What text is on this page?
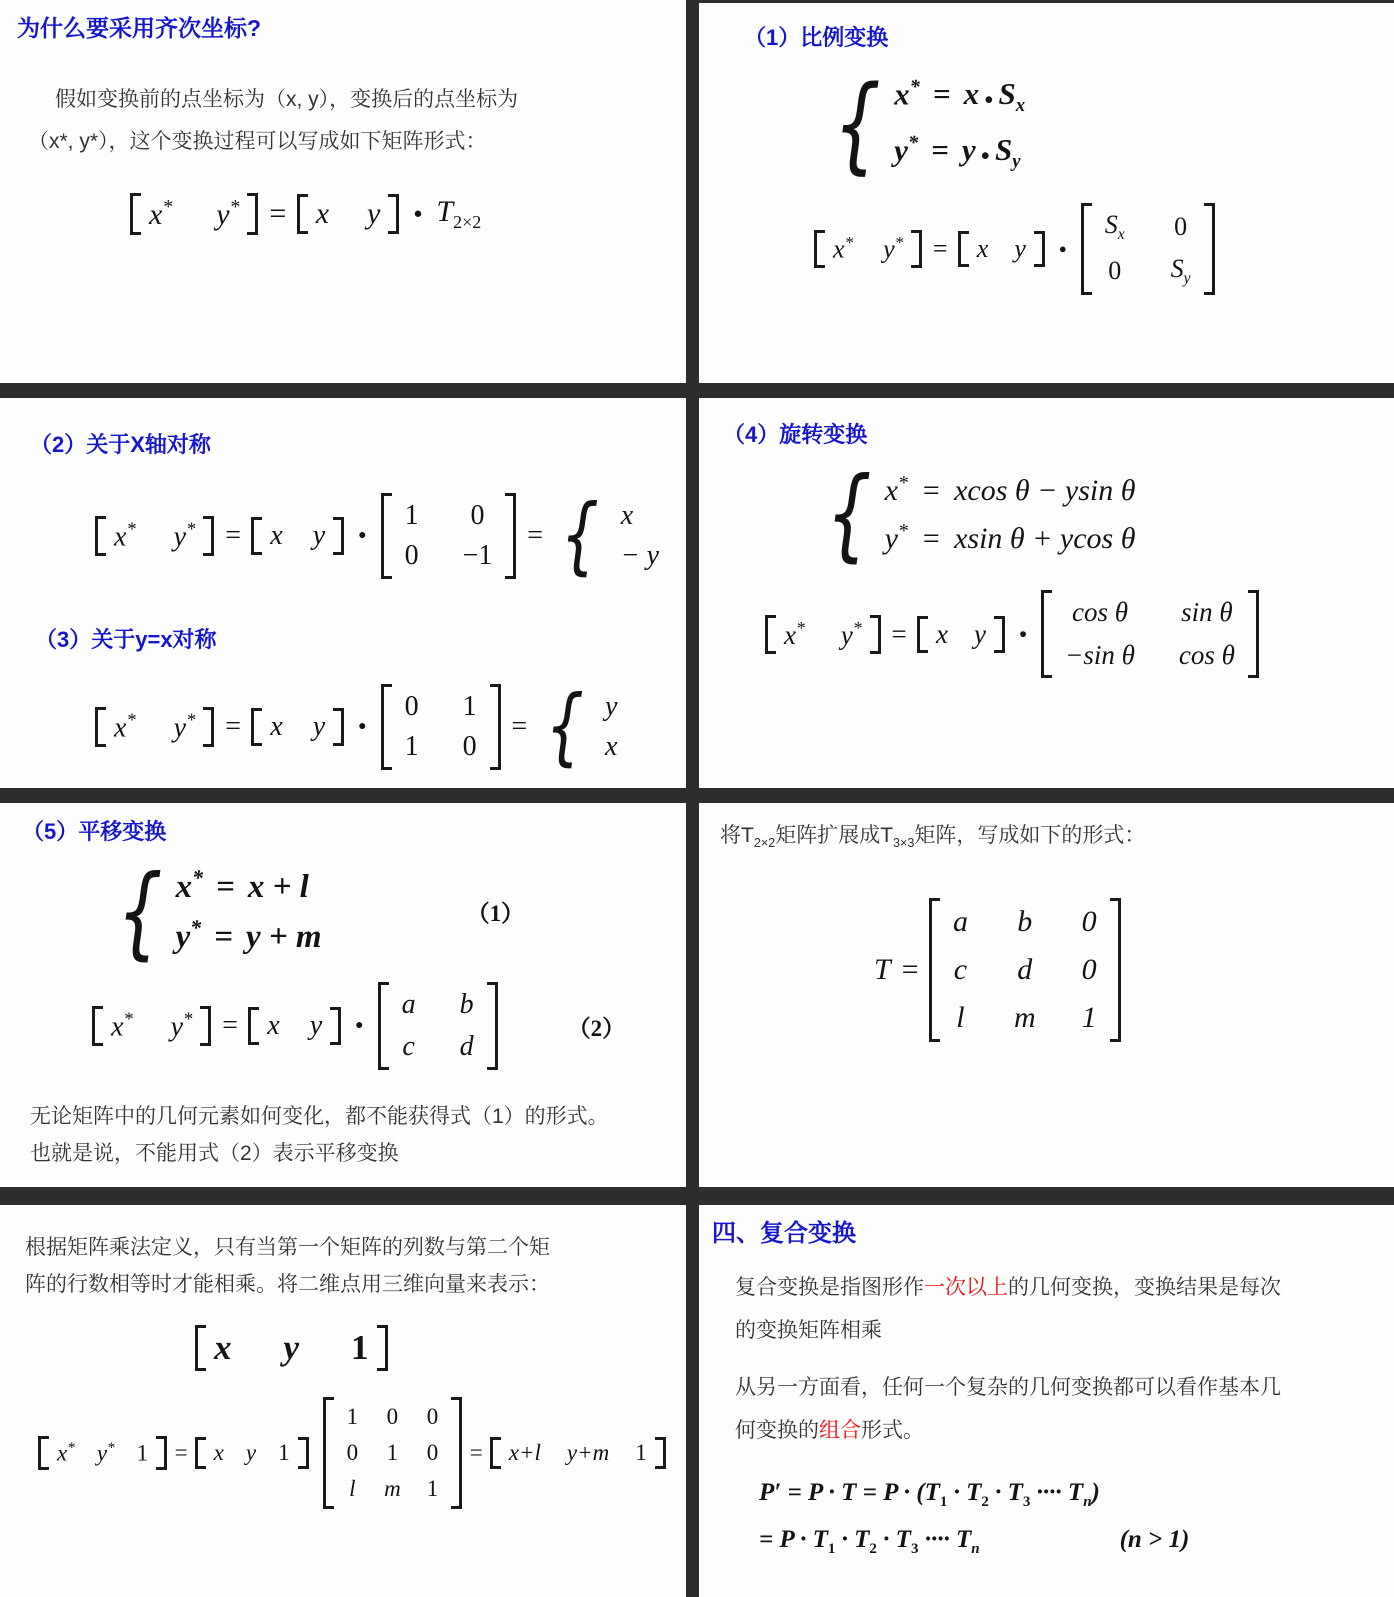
为什么要采用齐次坐标?
假如变换前的点坐标为（x, y），变换后的点坐标为
（x*, y*），这个变换过程可以写成如下矩阵形式：
x* y* = x y ● $T_{2\times 2}$
（1）比例变换
{ x* = x ● $S_x$
y* = y ● $S_y$
x* y* = x y	●
$S_x$ 0
0 $S_y$
（2）关于X轴对称
x* y* = x y ●
1 0
0 −1
= { x
− y
（3）关于y=x对称
x* y* = x y ●
0 1
1 0
= { y
x
（4）旋转变换
{ x* = xcos θ − ysin θ
y* = xsin θ + ycos θ
x* y* = x y ●
cos θ sin θ
−sin θ cos θ
（5）平移变换
{ x* = x + l
y* = y + m
（1）
x* y* = x y ●
a b
c d
（2）
无论矩阵中的几何元素如何变化，都不能获得式（1）的形式。
也就是说，不能用式（2）表示平移变换
将$T_{2\times 2}$矩阵扩展成$T_{3\times 3}$矩阵，写成如下的形式：
T =
a b 0
c d 0
l m 1
根据矩阵乘法定义，只有当第一个矩阵的列数与第二个矩
阵的行数相等时才能相乘。将二维点用三维向量来表示：
x y 1
x* y* 1 = x y 1
1 0 0
0 1 0
l m 1
= x+l y+m 1
四、复合变换
复合变换是指图形作一次以上的几何变换，变换结果是每次
的变换矩阵相乘
从另一方面看，任何一个复杂的几何变换都可以看作基本几
何变换的组合形式。
$P' = P \cdot T = P \cdot (T_1 \cdot T_2 \cdot T_3$ ···· $T_n$)
= $P \cdot T_1 \cdot T_2 \cdot T_3$ ···· $T_n$	(n > 1)
